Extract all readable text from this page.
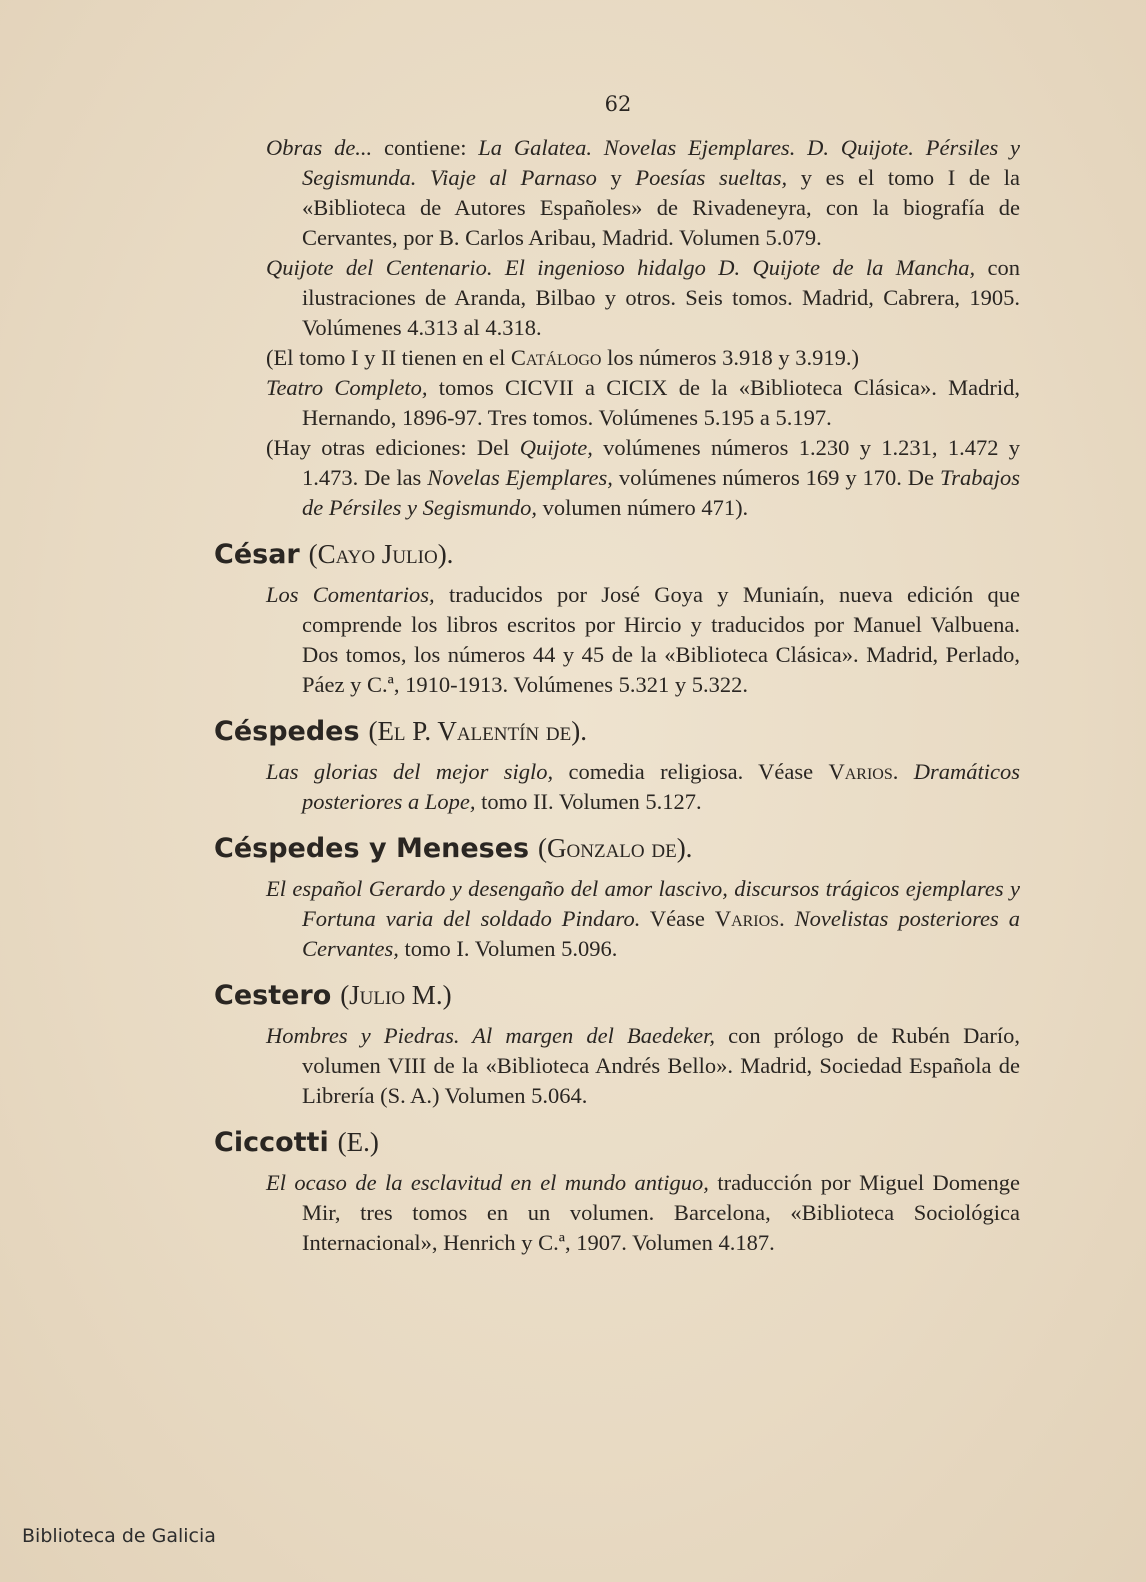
62

Obras de... contiene: La Galatea. Novelas Ejemplares. D. Quijote. Pérsiles y Segismunda. Viaje al Parnaso y Poesías sueltas, y es el tomo I de la «Biblioteca de Autores Españoles» de Rivadeneyra, con la biografía de Cervantes, por B. Carlos Aribau, Madrid. Volumen 5.079.

Quijote del Centenario. El ingenioso hidalgo D. Quijote de la Mancha, con ilustraciones de Aranda, Bilbao y otros. Seis tomos. Madrid, Cabrera, 1905. Volúmenes 4.313 al 4.318.

(El tomo I y II tienen en el Catálogo los números 3.918 y 3.919.)

Teatro Completo, tomos CICVII a CICIX de la «Biblioteca Clásica». Madrid, Hernando, 1896-97. Tres tomos. Volúmenes 5.195 a 5.197.

(Hay otras ediciones: Del Quijote, volúmenes números 1.230 y 1.231, 1.472 y 1.473. De las Novelas Ejemplares, volúmenes números 169 y 170. De Trabajos de Pérsiles y Segismundo, volumen número 471).

César (Cayo Julio).

Los Comentarios, traducidos por José Goya y Muniaín, nueva edición que comprende los libros escritos por Hircio y traducidos por Manuel Valbuena. Dos tomos, los números 44 y 45 de la «Biblioteca Clásica». Madrid, Perlado, Páez y C.ª, 1910-1913. Volúmenes 5.321 y 5.322.

Céspedes (El P. Valentín de).

Las glorias del mejor siglo, comedia religiosa. Véase Varios. Dramáticos posteriores a Lope, tomo II. Volumen 5.127.

Céspedes y Meneses (Gonzalo de).

El español Gerardo y desengaño del amor lascivo, discursos trágicos ejemplares y Fortuna varia del soldado Pindaro. Véase Varios. Novelistas posteriores a Cervantes, tomo I. Volumen 5.096.

Cestero (Julio M.)

Hombres y Piedras. Al margen del Baedeker, con prólogo de Rubén Darío, volumen VIII de la «Biblioteca Andrés Bello». Madrid, Sociedad Española de Librería (S. A.) Volumen 5.064.

Ciccotti (E.)

El ocaso de la esclavitud en el mundo antiguo, traducción por Miguel Domenge Mir, tres tomos en un volumen. Barcelona, «Biblioteca Sociológica Internacional», Henrich y C.ª, 1907. Volumen 4.187.

Biblioteca de Galicia
